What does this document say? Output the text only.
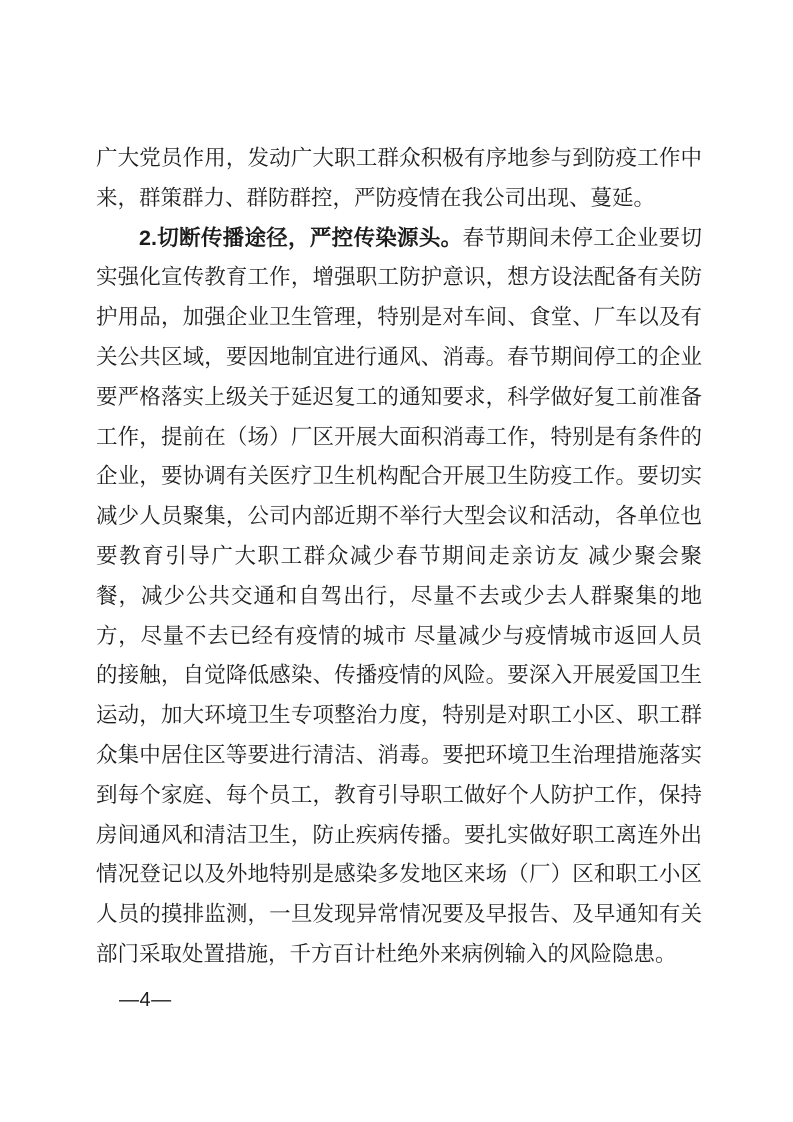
广大党员作用，发动广大职工群众积极有序地参与到防疫工作中来，群策群力、群防群控，严防疫情在我公司出现、蔓延。

2.切断传播途径，严控传染源头。春节期间未停工企业要切实强化宣传教育工作，增强职工防护意识，想方设法配备有关防护用品，加强企业卫生管理，特别是对车间、食堂、厂车以及有关公共区域，要因地制宜进行通风、消毒。春节期间停工的企业要严格落实上级关于延迟复工的通知要求，科学做好复工前准备工作，提前在（场）厂区开展大面积消毒工作，特别是有条件的企业，要协调有关医疗卫生机构配合开展卫生防疫工作。要切实减少人员聚集，公司内部近期不举行大型会议和活动，各单位也要教育引导广大职工群众减少春节期间走亲访友 减少聚会聚餐，减少公共交通和自驾出行，尽量不去或少去人群聚集的地方，尽量不去已经有疫情的城市 尽量减少与疫情城市返回人员的接触，自觉降低感染、传播疫情的风险。要深入开展爱国卫生运动，加大环境卫生专项整治力度，特别是对职工小区、职工群众集中居住区等要进行清洁、消毒。要把环境卫生治理措施落实到每个家庭、每个员工，教育引导职工做好个人防护工作，保持房间通风和清洁卫生，防止疾病传播。要扎实做好职工离连外出情况登记以及外地特别是感染多发地区来场（厂）区和职工小区人员的摸排监测，一旦发现异常情况要及早报告、及早通知有关部门采取处置措施，千方百计杜绝外来病例输入的风险隐患。

—4—
